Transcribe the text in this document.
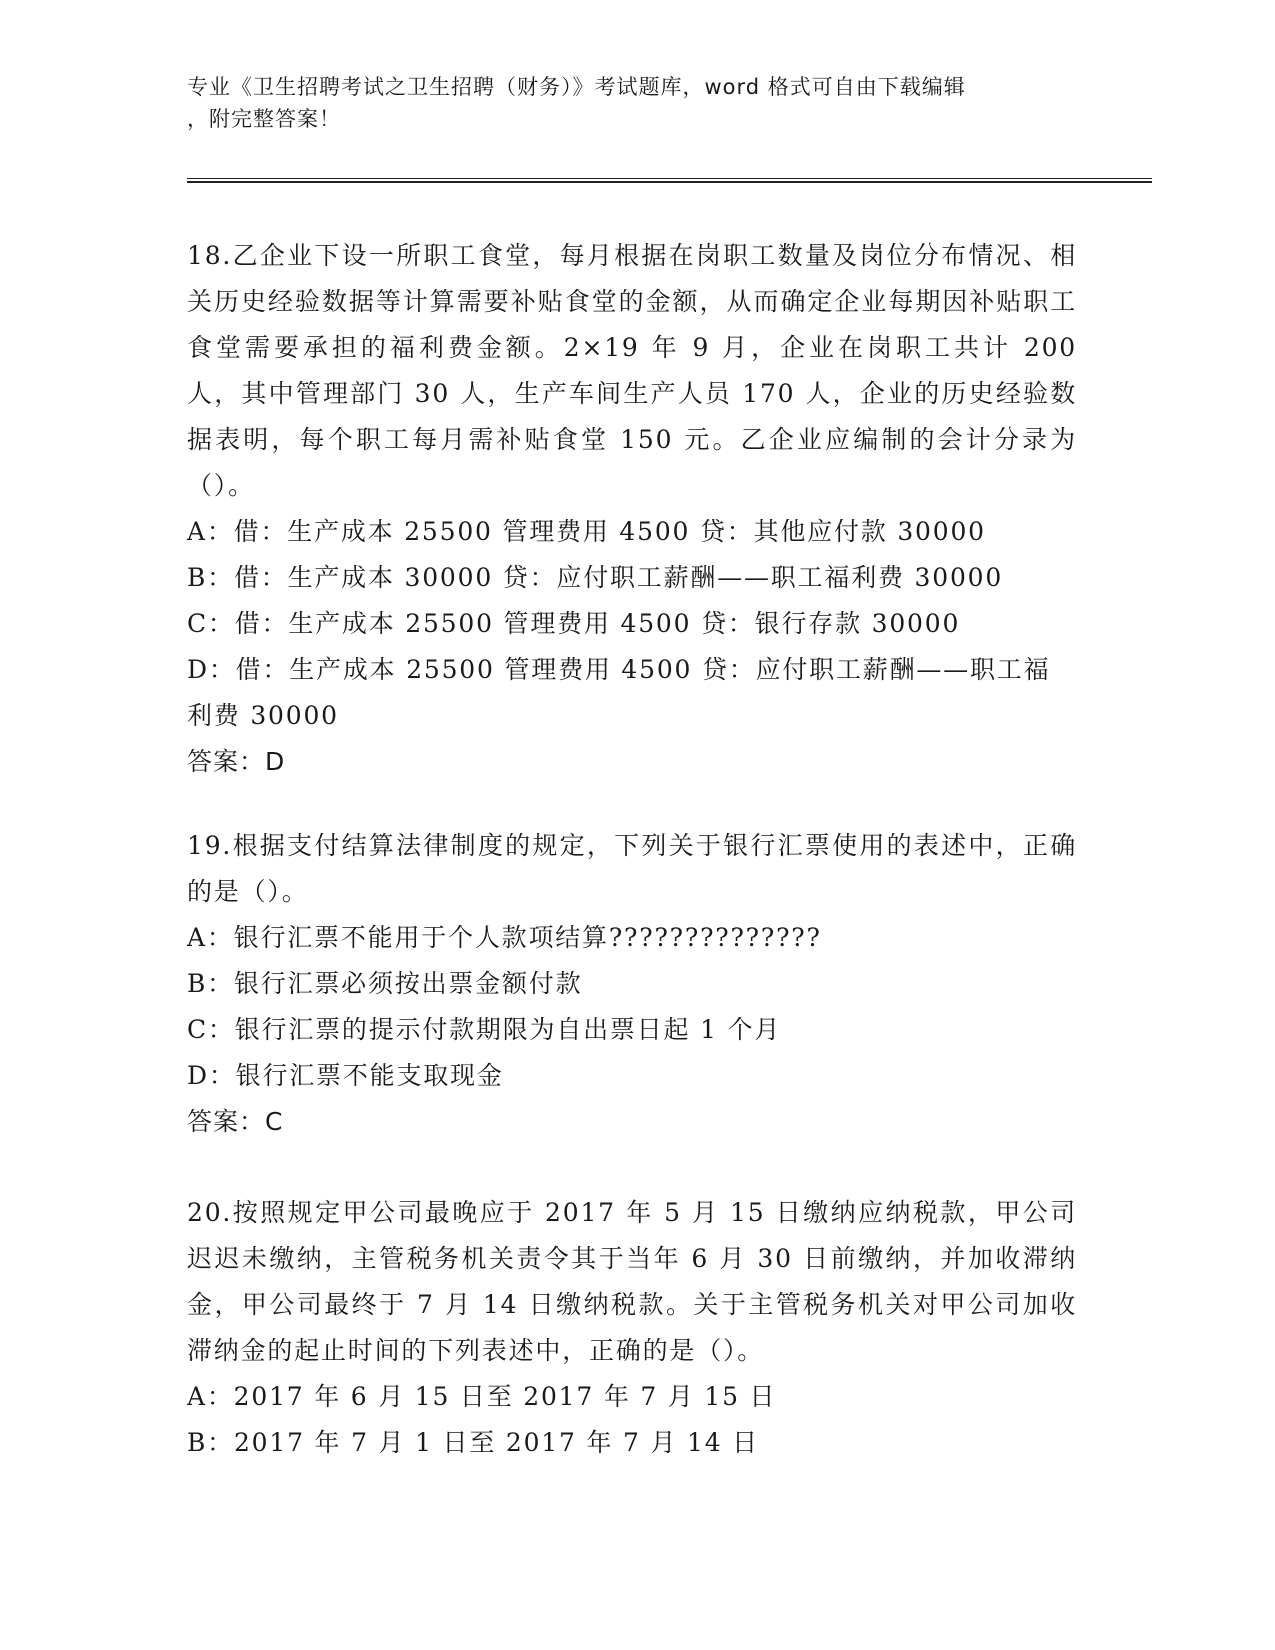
专业《卫生招聘考试之卫生招聘（财务）》考试题库，word 格式可自由下载编辑
，附完整答案！

18.乙企业下设一所职工食堂，每月根据在岗职工数量及岗位分布情况、相关历史经验数据等计算需要补贴食堂的金额，从而确定企业每期因补贴职工食堂需要承担的福利费金额。2×19 年 9 月，企业在岗职工共计 200 人，其中管理部门 30 人，生产车间生产人员 170 人，企业的历史经验数据表明，每个职工每月需补贴食堂 150 元。乙企业应编制的会计分录为（）。

A：借：生产成本 25500 管理费用 4500 贷：其他应付款 30000

B：借：生产成本 30000 贷：应付职工薪酬——职工福利费 30000

C：借：生产成本 25500 管理费用 4500 贷：银行存款 30000

D：借：生产成本 25500 管理费用 4500 贷：应付职工薪酬——职工福利费 30000

答案：D

19.根据支付结算法律制度的规定，下列关于银行汇票使用的表述中，正确的是（）。

A：银行汇票不能用于个人款项结算??????????????

B：银行汇票必须按出票金额付款

C：银行汇票的提示付款期限为自出票日起 1 个月

D：银行汇票不能支取现金

答案：C

20.按照规定甲公司最晚应于 2017 年 5 月 15 日缴纳应纳税款，甲公司迟迟未缴纳，主管税务机关责令其于当年 6 月 30 日前缴纳，并加收滞纳金，甲公司最终于 7 月 14 日缴纳税款。关于主管税务机关对甲公司加收滞纳金的起止时间的下列表述中，正确的是（）。

A：2017 年 6 月 15 日至 2017 年 7 月 15 日

B：2017 年 7 月 1 日至 2017 年 7 月 14 日
